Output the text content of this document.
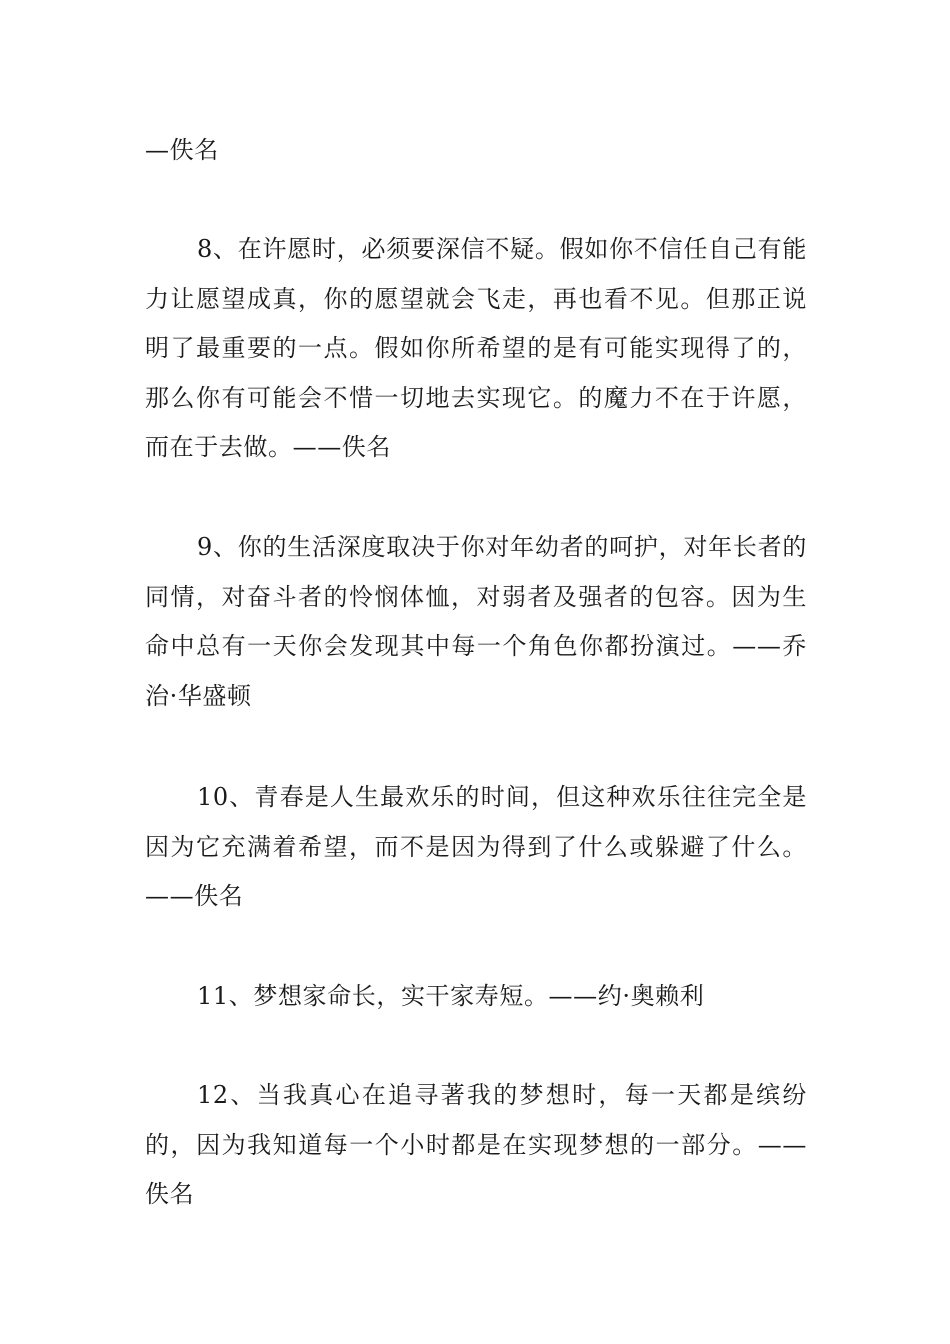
—佚名

8、在许愿时，必须要深信不疑。假如你不信任自己有能力让愿望成真，你的愿望就会飞走，再也看不见。但那正说明了最重要的一点。假如你所希望的是有可能实现得了的，那么你有可能会不惜一切地去实现它。的魔力不在于许愿，而在于去做。——佚名

9、你的生活深度取决于你对年幼者的呵护，对年长者的同情，对奋斗者的怜悯体恤，对弱者及强者的包容。因为生命中总有一天你会发现其中每一个角色你都扮演过。——乔治·华盛顿

10、青春是人生最欢乐的时间，但这种欢乐往往完全是因为它充满着希望，而不是因为得到了什么或躲避了什么。——佚名

11、梦想家命长，实干家寿短。——约·奥赖利

12、当我真心在追寻著我的梦想时，每一天都是缤纷的，因为我知道每一个小时都是在实现梦想的一部分。——佚名
